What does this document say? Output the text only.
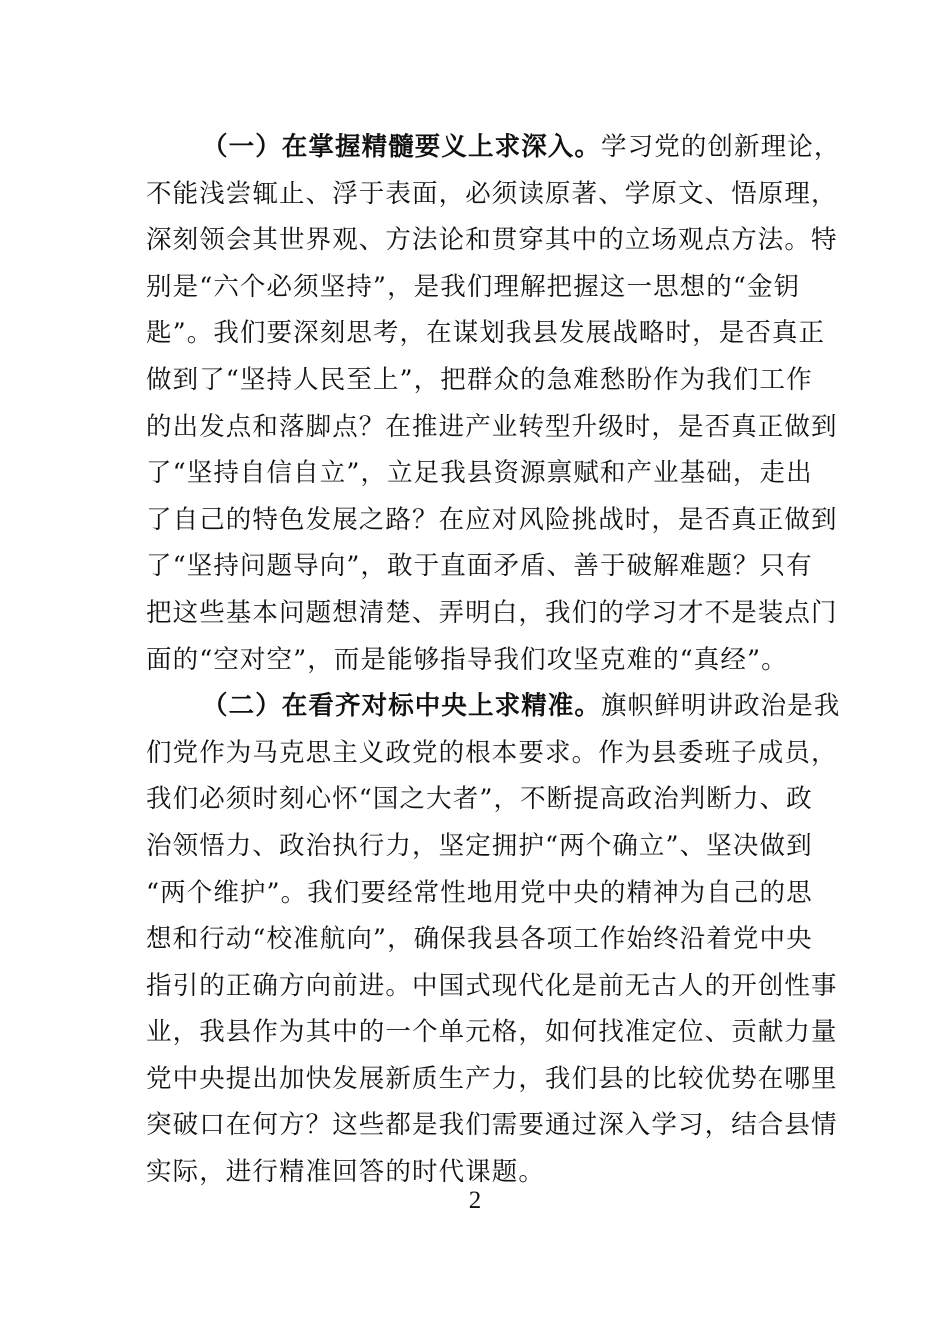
（一）在掌握精髓要义上求深入。学习党的创新理论，
不能浅尝辄止、浮于表面，必须读原著、学原文、悟原理，
深刻领会其世界观、方法论和贯穿其中的立场观点方法。特
别是“六个必须坚持”，是我们理解把握这一思想的“金钥
匙”。我们要深刻思考，在谋划我县发展战略时，是否真正
做到了“坚持人民至上”，把群众的急难愁盼作为我们工作
的出发点和落脚点？在推进产业转型升级时，是否真正做到
了“坚持自信自立”，立足我县资源禀赋和产业基础，走出
了自己的特色发展之路？在应对风险挑战时，是否真正做到
了“坚持问题导向”，敢于直面矛盾、善于破解难题？只有
把这些基本问题想清楚、弄明白，我们的学习才不是装点门
面的“空对空”，而是能够指导我们攻坚克难的“真经”。
（二）在看齐对标中央上求精准。旗帜鲜明讲政治是我
们党作为马克思主义政党的根本要求。作为县委班子成员，
我们必须时刻心怀“国之大者”，不断提高政治判断力、政
治领悟力、政治执行力，坚定拥护“两个确立”、坚决做到
“两个维护”。我们要经常性地用党中央的精神为自己的思
想和行动“校准航向”，确保我县各项工作始终沿着党中央
指引的正确方向前进。中国式现代化是前无古人的开创性事
业，我县作为其中的一个单元格，如何找准定位、贡献力量
党中央提出加快发展新质生产力，我们县的比较优势在哪里
突破口在何方？这些都是我们需要通过深入学习，结合县情
实际，进行精准回答的时代课题。
2
